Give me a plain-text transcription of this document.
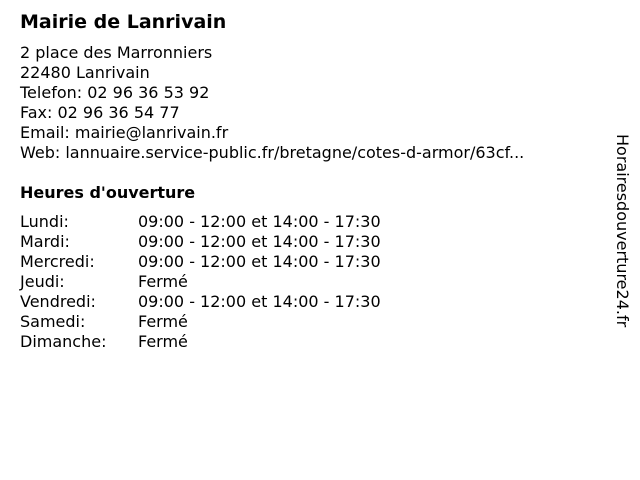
Mairie de Lanrivain
2 place des Marronniers
22480 Lanrivain
Telefon: 02 96 36 53 92
Fax: 02 96 36 54 77
Email: mairie@lanrivain.fr
Web: lannuaire.service-public.fr/bretagne/cotes-d-armor/63cf...
Heures d'ouverture
Lundi:	09:00 - 12:00 et 14:00 - 17:30
Mardi:	09:00 - 12:00 et 14:00 - 17:30
Mercredi:	09:00 - 12:00 et 14:00 - 17:30
Jeudi:	Fermé
Vendredi:	09:00 - 12:00 et 14:00 - 17:30
Samedi:	Fermé
Dimanche:	Fermé
Horairesdouverture24.fr
